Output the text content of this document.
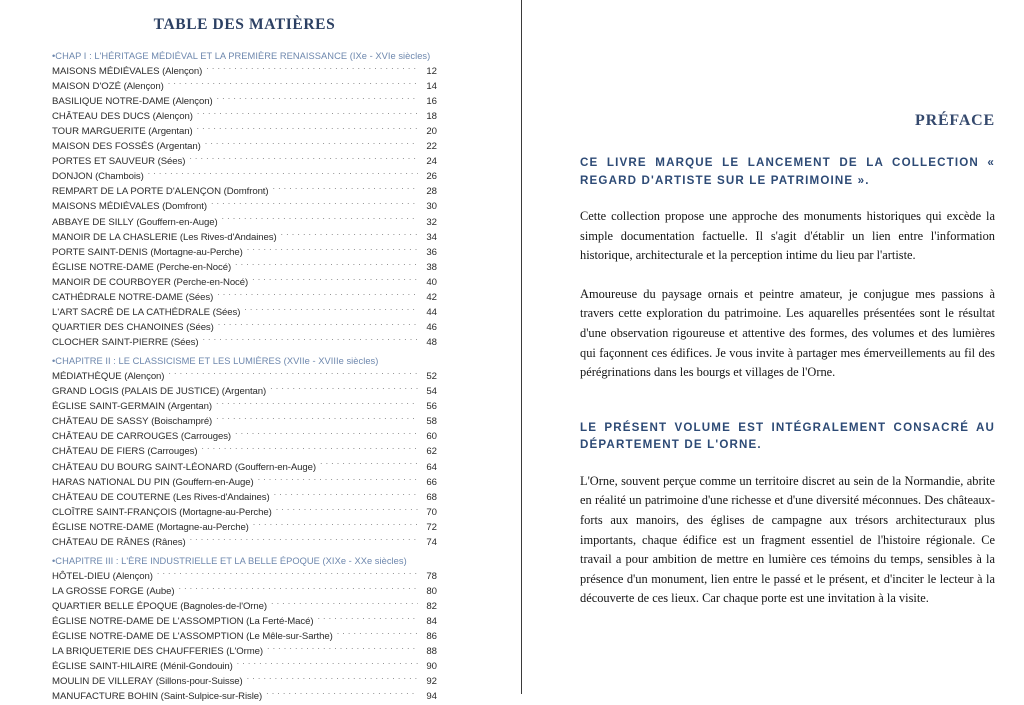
TABLE DES MATIÈRES
•CHAP I : L'HÉRITAGE MÉDIÉVAL ET LA PREMIÈRE RENAISSANCE (IXe - XVIe siècles)
MAISONS MÉDIÉVALES (Alençon) . . .	12
MAISON D'OZÉ (Alençon) . . .	14
BASILIQUE NOTRE-DAME (Alençon) . . .	16
CHÂTEAU DES DUCS (Alençon) . . .	18
TOUR MARGUERITE (Argentan) . . .	20
MAISON DES FOSSÉS (Argentan) . . .	22
PORTES ET SAUVEUR (Sées) . . .	24
DONJON (Chambois) . . .	26
REMPART DE LA PORTE D'ALENÇON (Domfront) . . .	28
MAISONS MÉDIÉVALES (Domfront) . . .	30
ABBAYE DE SILLY (Gouffern-en-Auge) . . .	32
MANOIR DE LA CHASLERIE (Les Rives-d'Andaines) . . .	34
PORTE SAINT-DENIS (Mortagne-au-Perche) . . .	36
ÉGLISE NOTRE-DAME (Perche-en-Nocé) . . .	38
MANOIR DE COURBOYER (Perche-en-Nocé) . . .	40
CATHÉDRALE NOTRE-DAME (Sées) . . .	42
L'ART SACRÉ DE LA CATHÉDRALE (Sées) . . .	44
QUARTIER DES CHANOINES (Sées) . . .	46
CLOCHER SAINT-PIERRE (Sées) . . .	48
•CHAPITRE II : LE CLASSICISME ET LES LUMIÈRES (XVIIe - XVIIIe siècles)
MÉDIATHÈQUE (Alençon) . . .	52
GRAND LOGIS (PALAIS DE JUSTICE) (Argentan) . . .	54
ÉGLISE SAINT-GERMAIN (Argentan) . . .	56
CHÂTEAU DE SASSY (Boischampré) . . .	58
CHÂTEAU DE CARROUGES (Carrouges) . . .	60
CHÂTEAU DE FIERS (Carrouges) . . .	62
CHÂTEAU DU BOURG SAINT-LÉONARD (Gouffern-en-Auge) . . .	64
HARAS NATIONAL DU PIN (Gouffern-en-Auge) . . .	66
CHÂTEAU DE COUTERNE (Les Rives-d'Andaines) . . .	68
CLOÎTRE SAINT-FRANÇOIS (Mortagne-au-Perche) . . .	70
ÉGLISE NOTRE-DAME (Mortagne-au-Perche) . . .	72
CHÂTEAU DE RÂNES (Rânes) . . .	74
•CHAPITRE III : L'ÈRE INDUSTRIELLE ET LA BELLE ÉPOQUE (XIXe - XXe siècles)
HÔTEL-DIEU (Alençon) . . .	78
LA GROSSE FORGE (Aube) . . .	80
QUARTIER BELLE ÉPOQUE (Bagnoles-de-l'Orne) . . .	82
ÉGLISE NOTRE-DAME DE L'ASSOMPTION (La Ferté-Macé) . . .	84
ÉGLISE NOTRE-DAME DE L'ASSOMPTION (Le Mêle-sur-Sarthe) . . .	86
LA BRIQUETERIE DES CHAUFFERIES (L'Orme) . . .	88
ÉGLISE SAINT-HILAIRE (Ménil-Gondouin) . . .	90
MOULIN DE VILLERAY (Sillons-pour-Suisse) . . .	92
MANUFACTURE BOHIN (Saint-Sulpice-sur-Risle) . . .	94
PRÉFACE

CE LIVRE MARQUE LE LANCEMENT DE LA COLLECTION « REGARD D'ARTISTE SUR LE PATRIMOINE ».

Cette collection propose une approche des monuments historiques qui excède la simple documentation factuelle. Il s'agit d'établir un lien entre l'information historique, architecturale et la perception intime du lieu par l'artiste.

Amoureuse du paysage ornais et peintre amateur, je conjugue mes passions à travers cette exploration du patrimoine. Les aquarelles présentées sont le résultat d'une observation rigoureuse et attentive des formes, des volumes et des lumières qui façonnent ces édifices. Je vous invite à partager mes émerveillements au fil des pérégrinations dans les bourgs et villages de l'Orne.

LE PRÉSENT VOLUME EST INTÉGRALEMENT CONSACRÉ AU DÉPARTEMENT DE L'ORNE.

L'Orne, souvent perçue comme un territoire discret au sein de la Normandie, abrite en réalité un patrimoine d'une richesse et d'une diversité méconnues. Des châteaux-forts aux manoirs, des églises de campagne aux trésors architecturaux plus importants, chaque édifice est un fragment essentiel de l'histoire régionale. Ce travail a pour ambition de mettre en lumière ces témoins du temps, sensibles à la présence d'un monument, lien entre le passé et le présent, et d'inciter le lecteur à la découverte de ces lieux. Car chaque porte est une invitation à la visite.
